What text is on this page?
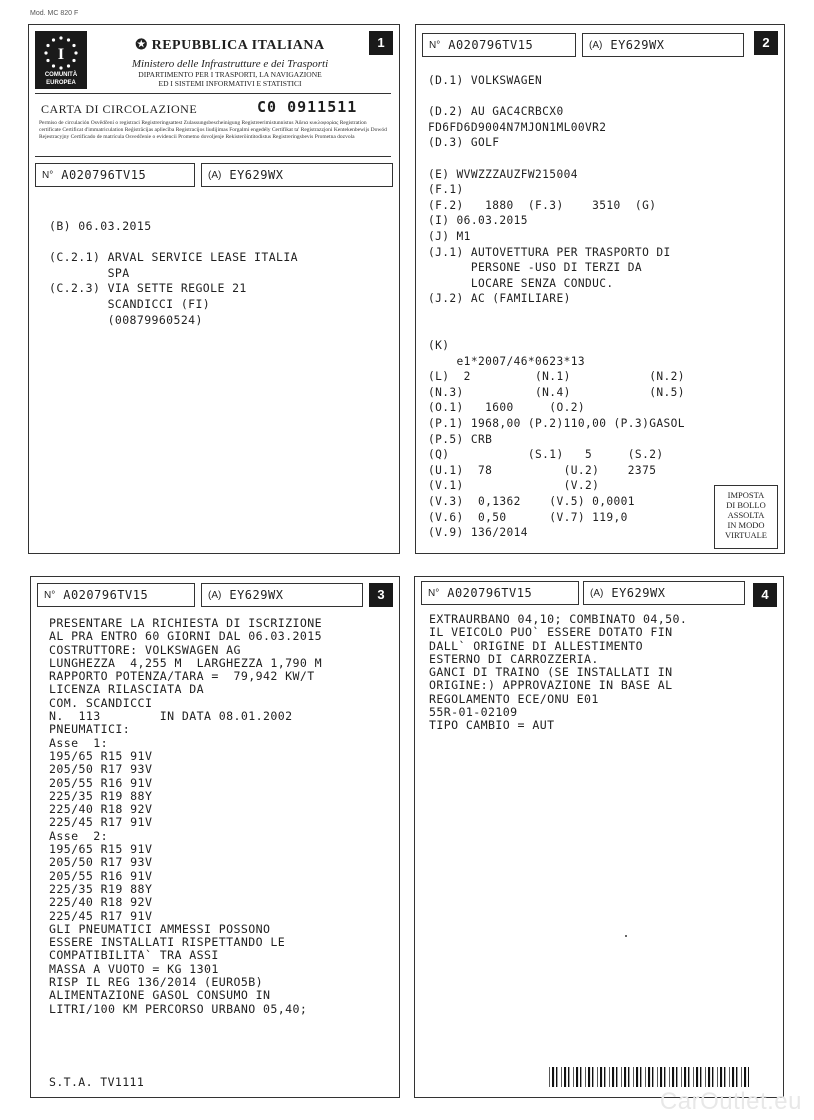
Mod. MC 820 F
I
COMUNITÀ
EUROPEA
✪ REPUBBLICA ITALIANA
Ministero delle Infrastrutture e dei Trasporti
DIPARTIMENTO PER I TRASPORTI, LA NAVIGAZIONE
ED I SISTEMI INFORMATIVI E STATISTICI
1
CARTA DI CIRCOLAZIONE	C0 0911511
Permiso de circulación Osvědčení o registraci Registreringsattest Zulassungsbescheinigung Registreerimistunnistus Άδεια κυκλοφορίας Registration certificate Certificat d'immatriculation Reģistrācijas apliecība Registracijos liudijimas Forgalmi engedély Certifikat ta' Registrazzjoni Kentekenbewijs Dowód Rejestracyjny Certificado de matrícula Osvedčenie o evidencii Prometno dovoljenje Rekisteröintitodistus Registreringsbevis Prometna dozvola
N° A020796TV15	(A) EY629WX
(B) 06.03.2015

(C.2.1) ARVAL SERVICE LEASE ITALIA
SPA
(C.2.3) VIA SETTE REGOLE 21
SCANDICCI (FI)
(00879960524)
N° A020796TV15	(A) EY629WX	2
(D.1) VOLKSWAGEN

(D.2) AU GAC4CRBCX0
FD6FD6D9004N7MJON1ML00VR2
(D.3) GOLF

(E) WVWZZZAUZFW215004
(F.1)
(F.2)   1880  (F.3)    3510  (G)
(I) 06.03.2015
(J) M1
(J.1) AUTOVETTURA PER TRASPORTO DI
PERSONE -USO DI TERZI DA
LOCARE SENZA CONDUC.
(J.2) AC (FAMILIARE)

(K)
e1*2007/46*0623*13
(L)  2         (N.1)           (N.2)
(N.3)          (N.4)           (N.5)
(O.1)   1600     (O.2)
(P.1) 1968,00 (P.2)110,00 (P.3)GASOL
(P.5) CRB
(Q)           (S.1)   5     (S.2)
(U.1)  78          (U.2)    2375
(V.1)              (V.2)
(V.3)  0,1362    (V.5) 0,0001
(V.6)  0,50      (V.7) 119,0
(V.9) 136/2014
IMPOSTA
DI BOLLO
ASSOLTA
IN MODO
VIRTUALE
N° A020796TV15	(A) EY629WX	3
PRESENTARE LA RICHIESTA DI ISCRIZIONE
AL PRA ENTRO 60 GIORNI DAL 06.03.2015
COSTRUTTORE: VOLKSWAGEN AG
LUNGHEZZA  4,255 M  LARGHEZZA 1,790 M
RAPPORTO POTENZA/TARA =  79,942 KW/T
LICENZA RILASCIATA DA
COM. SCANDICCI
N.  113        IN DATA 08.01.2002
PNEUMATICI:
Asse  1:
195/65 R15 91V
205/50 R17 93V
205/55 R16 91V
225/35 R19 88Y
225/40 R18 92V
225/45 R17 91V
Asse  2:
195/65 R15 91V
205/50 R17 93V
205/55 R16 91V
225/35 R19 88Y
225/40 R18 92V
225/45 R17 91V
GLI PNEUMATICI AMMESSI POSSONO
ESSERE INSTALLATI RISPETTANDO LE
COMPATIBILITA` TRA ASSI
MASSA A VUOTO = KG 1301
RISP IL REG 136/2014 (EURO5B)
ALIMENTAZIONE GASOL CONSUMO IN
LITRI/100 KM PERCORSO URBANO 05,40;
S.T.A. TV1111
N° A020796TV15	(A) EY629WX	4
EXTRAURBANO 04,10; COMBINATO 04,50.
IL VEICOLO PUO` ESSERE DOTATO FIN
DALL` ORIGINE DI ALLESTIMENTO
ESTERNO DI CARROZZERIA.
GANCI DI TRAINO (SE INSTALLATI IN
ORIGINE:) APPROVAZIONE IN BASE AL
REGOLAMENTO ECE/ONU E01
55R-01-02109
TIPO CAMBIO = AUT
CarOutlet.eu
